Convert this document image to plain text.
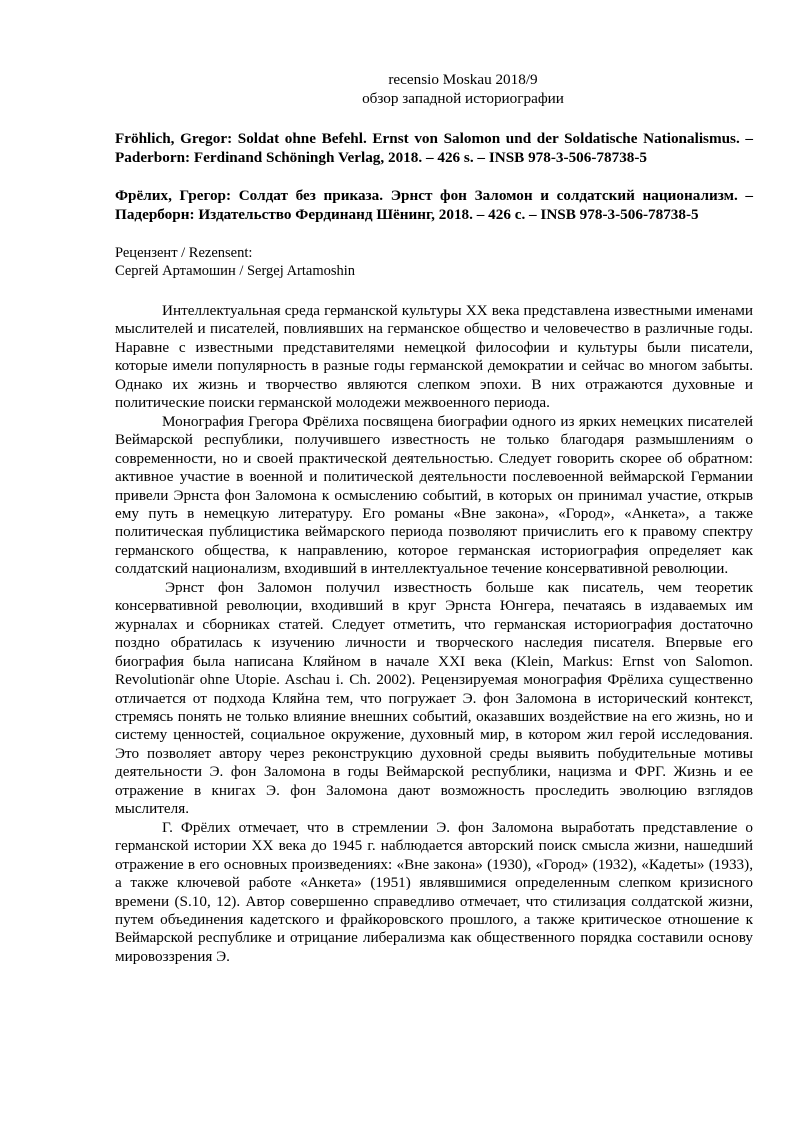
recensio Moskau 2018/9
обзор западной историографии
Fröhlich, Gregor: Soldat ohne Befehl. Ernst von Salomon und der Soldatische Nationalismus. – Paderborn: Ferdinand Schöningh Verlag, 2018. – 426 s. – INSB 978-3-506-78738-5
Фрёлих, Грегор: Солдат без приказа. Эрнст фон Заломон и солдатский национализм. – Падерборн: Издательство Фердинанд Шёнинг, 2018. – 426 с. – INSB 978-3-506-78738-5
Рецензент / Rezensent:
Сергей Артамошин / Sergej Artamoshin

Интеллектуальная среда германской культуры XX века представлена известными именами мыслителей и писателей, повлиявших на германское общество и человечество в различные годы. Наравне с известными представителями немецкой философии и культуры были писатели, которые имели популярность в разные годы германской демократии и сейчас во многом забыты. Однако их жизнь и творчество являются слепком эпохи. В них отражаются духовные и политические поиски германской молодежи межвоенного периода.

Монография Грегора Фрёлиха посвящена биографии одного из ярких немецких писателей Веймарской республики, получившего известность не только благодаря размышлениям о современности, но и своей практической деятельностью. Следует говорить скорее об обратном: активное участие в военной и политической деятельности послевоенной веймарской Германии привели Эрнста фон Заломона к осмыслению событий, в которых он принимал участие, открыв ему путь в немецкую литературу. Его романы «Вне закона», «Город», «Анкета», а также политическая публицистика веймарского периода позволяют причислить его к правому спектру германского общества, к направлению, которое германская историография определяет как солдатский национализм, входивший в интеллектуальное течение консервативной революции.

Эрнст фон Заломон получил известность больше как писатель, чем теоретик консервативной революции, входивший в круг Эрнста Юнгера, печатаясь в издаваемых им журналах и сборниках статей. Следует отметить, что германская историография достаточно поздно обратилась к изучению личности и творческого наследия писателя. Впервые его биография была написана Кляйном в начале XXI века (Klein, Markus: Ernst von Salomon. Revolutionär ohne Utopie. Aschau i. Ch. 2002). Рецензируемая монография Фрёлиха существенно отличается от подхода Кляйна тем, что погружает Э. фон Заломона в исторический контекст, стремясь понять не только влияние внешних событий, оказавших воздействие на его жизнь, но и систему ценностей, социальное окружение, духовный мир, в котором жил герой исследования. Это позволяет автору через реконструкцию духовной среды выявить побудительные мотивы деятельности Э. фон Заломона в годы Веймарской республики, нацизма и ФРГ. Жизнь и ее отражение в книгах Э. фон Заломона дают возможность проследить эволюцию взглядов мыслителя.

Г. Фрёлих отмечает, что в стремлении Э. фон Заломона выработать представление о германской истории XX века до 1945 г. наблюдается авторский поиск смысла жизни, нашедший отражение в его основных произведениях: «Вне закона» (1930), «Город» (1932), «Кадеты» (1933), а также ключевой работе «Анкета» (1951) являвшимися определенным слепком кризисного времени (S.10, 12). Автор совершенно справедливо отмечает, что стилизация солдатской жизни, путем объединения кадетского и фрайкоровского прошлого, а также критическое отношение к Веймарской республике и отрицание либерализма как общественного порядка составили основу мировоззрения Э.
